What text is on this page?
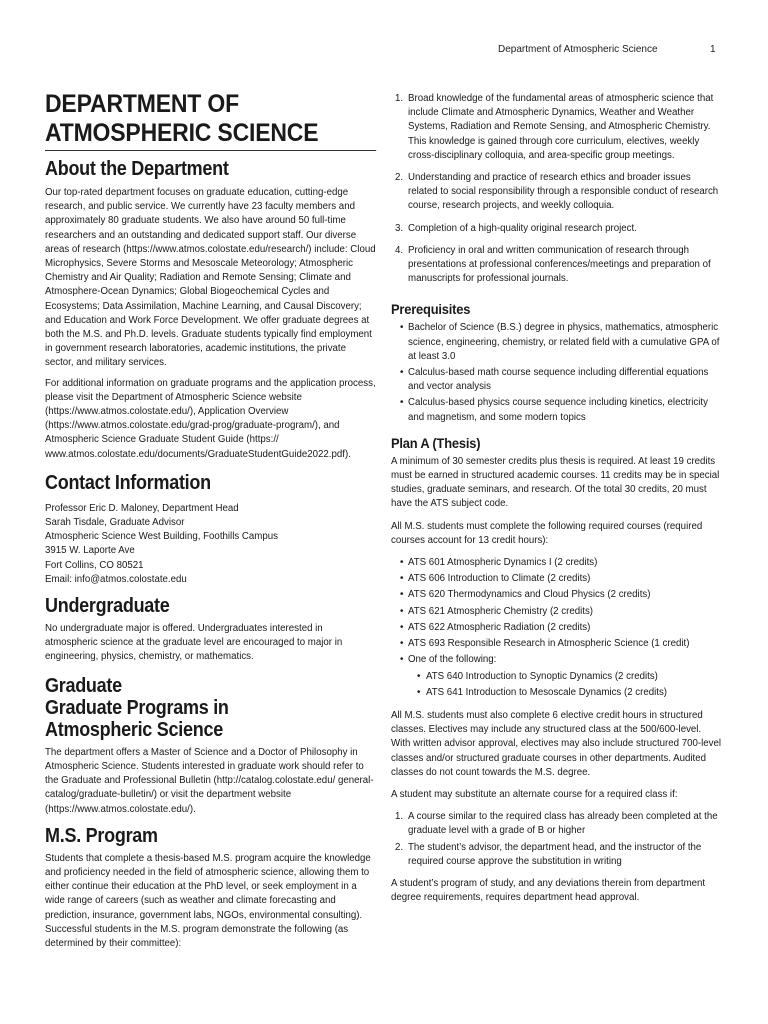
Department of Atmospheric Science	1
DEPARTMENT OF ATMOSPHERIC SCIENCE
About the Department

Our top-rated department focuses on graduate education, cutting-edge research, and public service. We currently have 23 faculty members and approximately 80 graduate students. We also have around 50 full-time researchers and an outstanding and dedicated support staff. Our diverse areas of research (https://www.atmos.colostate.edu/research/) include: Cloud Microphysics, Severe Storms and Mesoscale Meteorology; Atmospheric Chemistry and Air Quality; Radiation and Remote Sensing; Climate and Atmosphere-Ocean Dynamics; Global Biogeochemical Cycles and Ecosystems; Data Assimilation, Machine Learning, and Causal Discovery; and Education and Work Force Development. We offer graduate degrees at both the M.S. and Ph.D. levels. Graduate students typically find employment in government research laboratories, academic institutions, the private sector, and military services.

For additional information on graduate programs and the application process, please visit the Department of Atmospheric Science website (https://www.atmos.colostate.edu/), Application Overview (https://www.atmos.colostate.edu/grad-prog/graduate-program/), and Atmospheric Science Graduate Student Guide (https:// www.atmos.colostate.edu/documents/GraduateStudentGuide2022.pdf).

Contact Information

Professor Eric D. Maloney, Department Head

Sarah Tisdale, Graduate Advisor

Atmospheric Science West Building, Foothills Campus

3915 W. Laporte Ave

Fort Collins, CO 80521

Email: info@atmos.colostate.edu

Undergraduate

No undergraduate major is offered. Undergraduates interested in atmospheric science at the graduate level are encouraged to major in engineering, physics, chemistry, or mathematics.

Graduate
Graduate Programs in Atmospheric Science

The department offers a Master of Science and a Doctor of Philosophy in Atmospheric Science. Students interested in graduate work should refer to the Graduate and Professional Bulletin (http://catalog.colostate.edu/ general-catalog/graduate-bulletin/) or visit the department website (https://www.atmos.colostate.edu/).

M.S. Program

Students that complete a thesis-based M.S. program acquire the knowledge and proficiency needed in the field of atmospheric science, allowing them to either continue their education at the PhD level, or seek employment in a wide range of careers (such as weather and climate forecasting and prediction, insurance, government labs, NGOs, environmental consulting). Successful students in the M.S. program demonstrate the following (as determined by their committee):

1. Broad knowledge of the fundamental areas of atmospheric science that include Climate and Atmospheric Dynamics, Weather and Weather Systems, Radiation and Remote Sensing, and Atmospheric Chemistry. This knowledge is gained through core curriculum, electives, weekly cross-disciplinary colloquia, and area-specific group meetings.
2. Understanding and practice of research ethics and broader issues related to social responsibility through a responsible conduct of research course, research projects, and weekly colloquia.
3. Completion of a high-quality original research project.
4. Proficiency in oral and written communication of research through presentations at professional conferences/meetings and preparation of manuscripts for professional journals.
Prerequisites
• Bachelor of Science (B.S.) degree in physics, mathematics, atmospheric science, engineering, chemistry, or related field with a cumulative GPA of at least 3.0
• Calculus-based math course sequence including differential equations and vector analysis
• Calculus-based physics course sequence including kinetics, electricity and magnetism, and some modern topics
Plan A (Thesis)

A minimum of 30 semester credits plus thesis is required. At least 19 credits must be earned in structured academic courses. 11 credits may be in special studies, graduate seminars, and research. Of the total 30 credits, 20 must have the ATS subject code.

All M.S. students must complete the following required courses (required courses account for 13 credit hours):

• ATS 601 Atmospheric Dynamics I (2 credits)
• ATS 606 Introduction to Climate (2 credits)
• ATS 620 Thermodynamics and Cloud Physics (2 credits)
• ATS 621 Atmospheric Chemistry (2 credits)
• ATS 622 Atmospheric Radiation (2 credits)
• ATS 693 Responsible Research in Atmospheric Science (1 credit)
• One of the following:
• ATS 640 Introduction to Synoptic Dynamics (2 credits)
• ATS 641 Introduction to Mesoscale Dynamics (2 credits)

All M.S. students must also complete 6 elective credit hours in structured classes. Electives may include any structured class at the 500/600-level. With written advisor approval, electives may also include structured 700-level classes and/or structured graduate courses in other departments. Audited classes do not count towards the M.S. degree.

A student may substitute an alternate course for a required class if:

1. A course similar to the required class has already been completed at the graduate level with a grade of B or higher
2. The student’s advisor, the department head, and the instructor of the required course approve the substitution in writing

A student’s program of study, and any deviations therein from department degree requirements, requires department head approval.
